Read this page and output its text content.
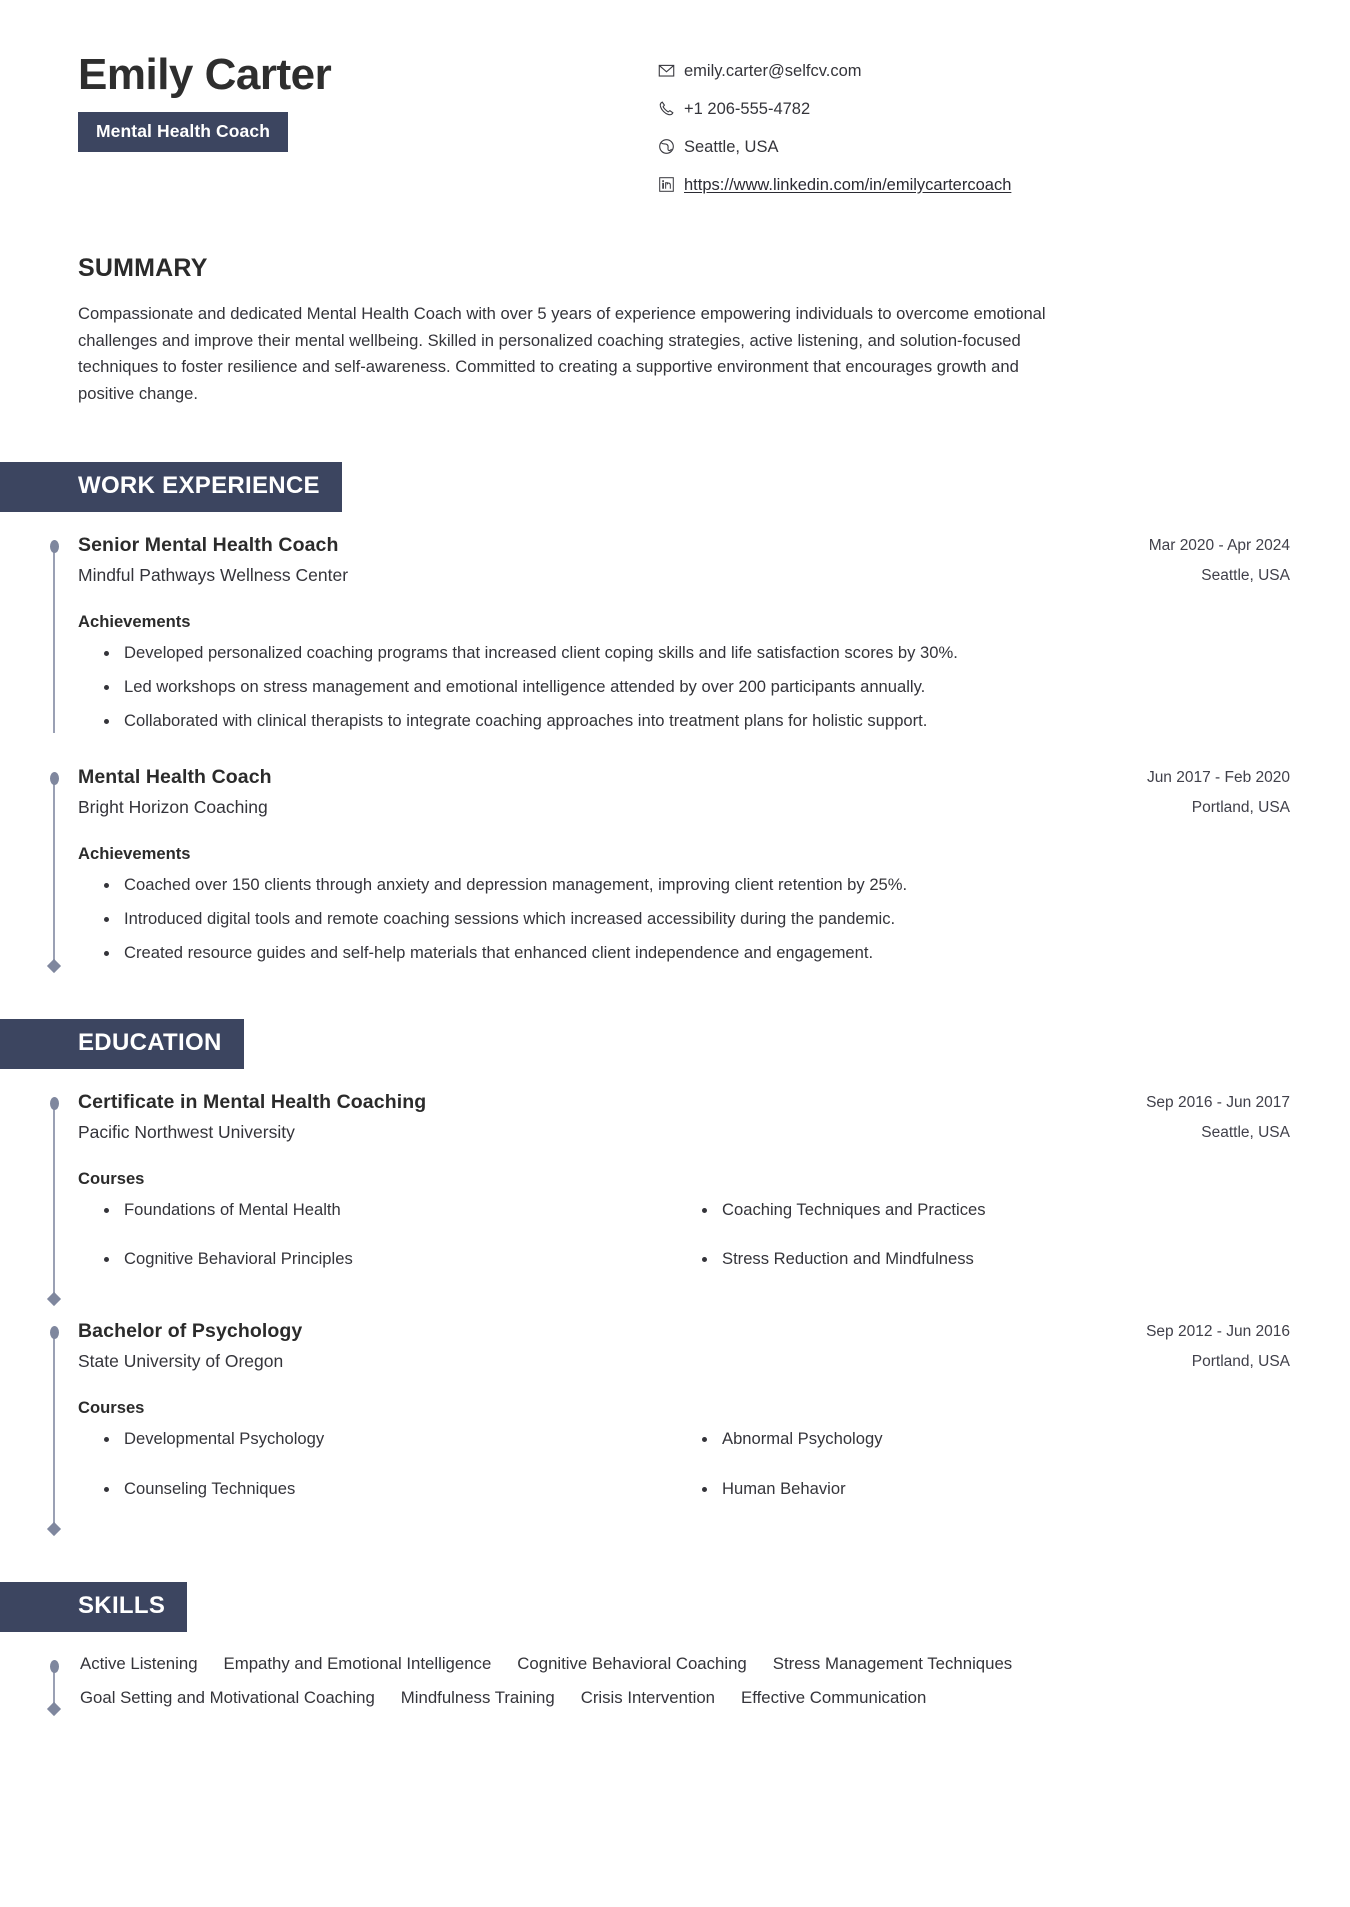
Emily Carter
Mental Health Coach
emily.carter@selfcv.com
+1 206-555-4782
Seattle, USA
https://www.linkedin.com/in/emilycartercoach
SUMMARY

Compassionate and dedicated Mental Health Coach with over 5 years of experience empowering individuals to overcome emotional challenges and improve their mental wellbeing. Skilled in personalized coaching strategies, active listening, and solution-focused techniques to foster resilience and self-awareness. Committed to creating a supportive environment that encourages growth and positive change.

WORK EXPERIENCE
Senior Mental Health Coach
Mindful Pathways Wellness Center
Mar 2020 - Apr 2024
Seattle, USA
Achievements
Developed personalized coaching programs that increased client coping skills and life satisfaction scores by 30%.
Led workshops on stress management and emotional intelligence attended by over 200 participants annually.
Collaborated with clinical therapists to integrate coaching approaches into treatment plans for holistic support.
Mental Health Coach
Bright Horizon Coaching
Jun 2017 - Feb 2020
Portland, USA
Achievements
Coached over 150 clients through anxiety and depression management, improving client retention by 25%.
Introduced digital tools and remote coaching sessions which increased accessibility during the pandemic.
Created resource guides and self-help materials that enhanced client independence and engagement.
EDUCATION
Certificate in Mental Health Coaching
Pacific Northwest University
Sep 2016 - Jun 2017
Seattle, USA
Courses
Foundations of Mental Health	Coaching Techniques and Practices
Cognitive Behavioral Principles	Stress Reduction and Mindfulness
Bachelor of Psychology
State University of Oregon
Sep 2012 - Jun 2016
Portland, USA
Courses
Developmental Psychology	Abnormal Psychology
Counseling Techniques	Human Behavior
SKILLS
Active Listening Empathy and Emotional Intelligence Cognitive Behavioral Coaching Stress Management Techniques
Goal Setting and Motivational Coaching Mindfulness Training Crisis Intervention Effective Communication
